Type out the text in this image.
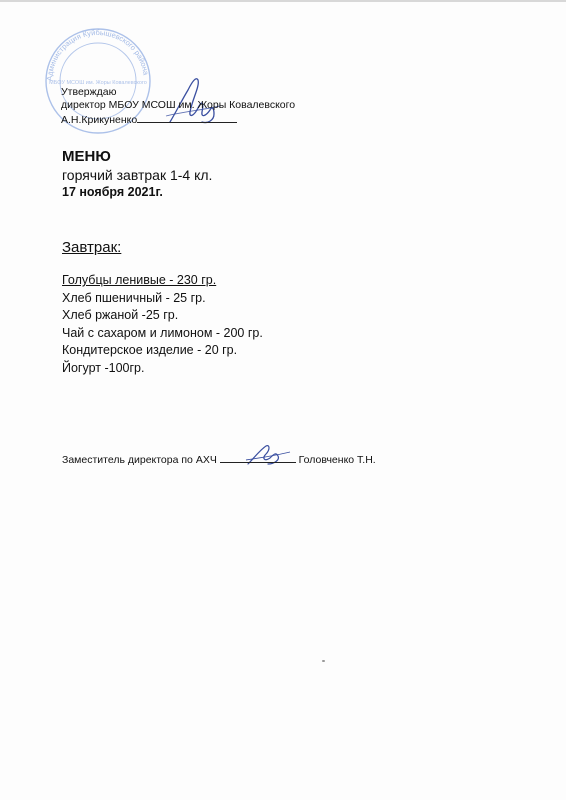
Администрация Куйбышевского района
МБОУ МСОШ им. Жоры Ковалевского
Утверждаю
директор МБОУ МСОШ им. Жоры Ковалевского
А.Н.Крикуненко

МЕНЮ

горячий завтрак 1-4 кл.

17 ноября 2021г.

Завтрак:

Голубцы ленивые - 230 гр.
Хлеб пшеничный - 25 гр.
Хлеб ржаной -25 гр.
Чай с сахаром и лимоном - 200 гр.
Кондитерское изделие - 20 гр.
Йогурт -100гр.
Заместитель директора по АХЧ	Головченко Т.Н.
